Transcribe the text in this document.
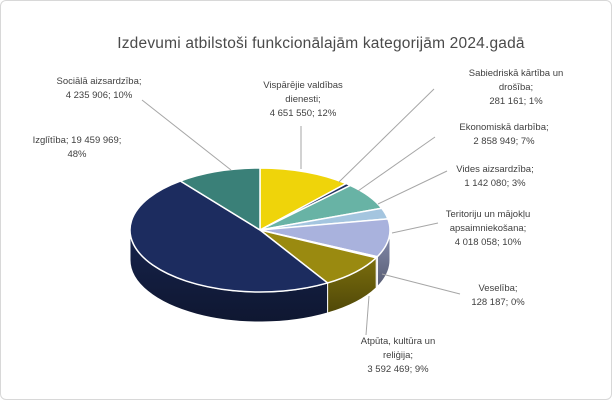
Izdevumi atbilstoši funkcionālajām kategorijām 2024.gadā
Sociālā aizsardzība;
4 235 906; 10%
Izglītība; 19 459 969;
48%
Vispārējie valdības
dienesti;
4 651 550; 12%
Sabiedriskā kārtība un
drošība;
281 161; 1%
Ekonomiskā darbība;
2 858 949; 7%
Vides aizsardzība;
1 142 080; 3%
Teritoriju un mājokļu
apsaimniekošana;
4 018 058; 10%
Veselība;
128 187; 0%
Atpūta, kultūra un
reliģija;
3 592 469; 9%
